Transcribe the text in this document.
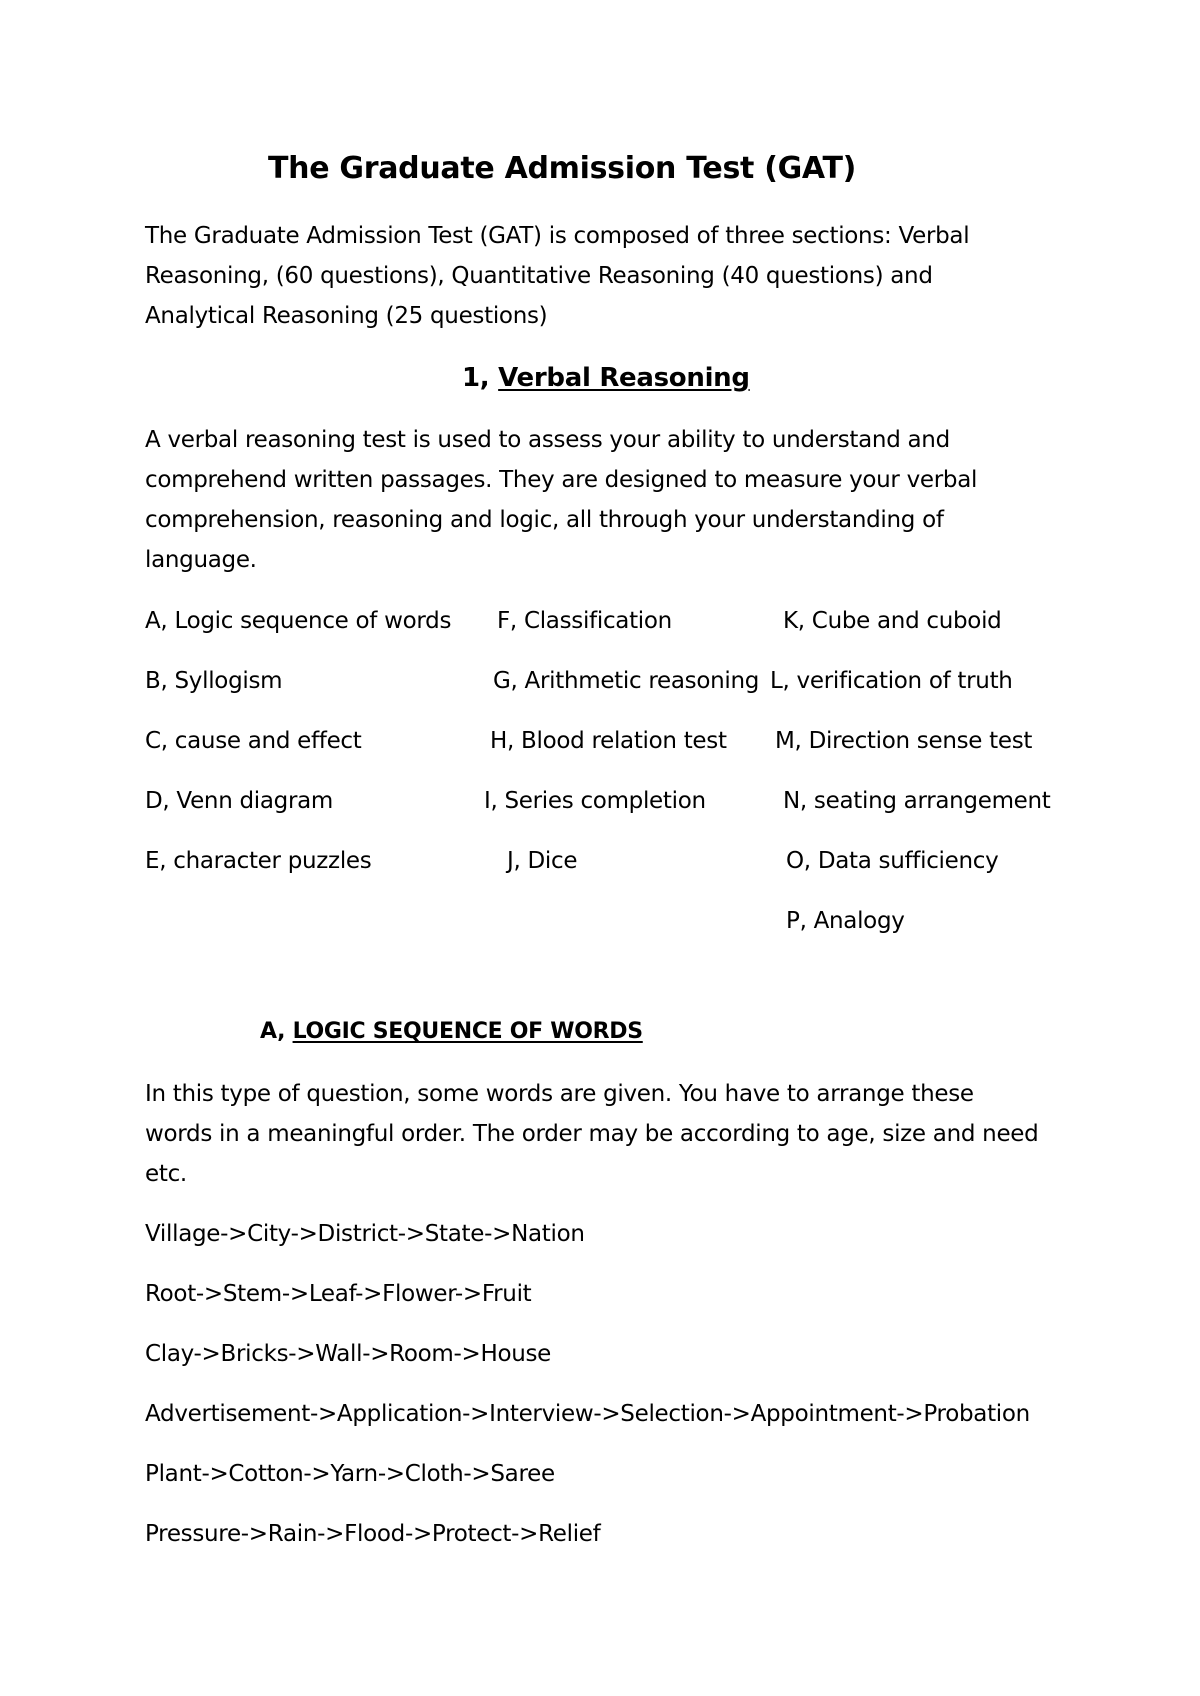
The Graduate Admission Test (GAT)
The Graduate Admission Test (GAT) is composed of three sections: Verbal
Reasoning, (60 questions), Quantitative Reasoning (40 questions) and
Analytical Reasoning (25 questions)
1, Verbal Reasoning
A verbal reasoning test is used to assess your ability to understand and
comprehend written passages. They are designed to measure your verbal
comprehension, reasoning and logic, all through your understanding of
language.
A, Logic sequence of words
B, Syllogism
C, cause and effect
D, Venn diagram
E, character puzzles
F, Classification
G, Arithmetic reasoning
H, Blood relation test
I, Series completion
J, Dice
K, Cube and cuboid
L, verification of truth
M, Direction sense test
N, seating arrangement
O, Data sufficiency
P, Analogy
A, LOGIC SEQUENCE OF WORDS
In this type of question, some words are given. You have to arrange these
words in a meaningful order. The order may be according to age, size and need
etc.
Village->City->District->State->Nation
Root->Stem->Leaf->Flower->Fruit
Clay->Bricks->Wall->Room->House
Advertisement->Application->Interview->Selection->Appointment->Probation
Plant->Cotton->Yarn->Cloth->Saree
Pressure->Rain->Flood->Protect->Relief
